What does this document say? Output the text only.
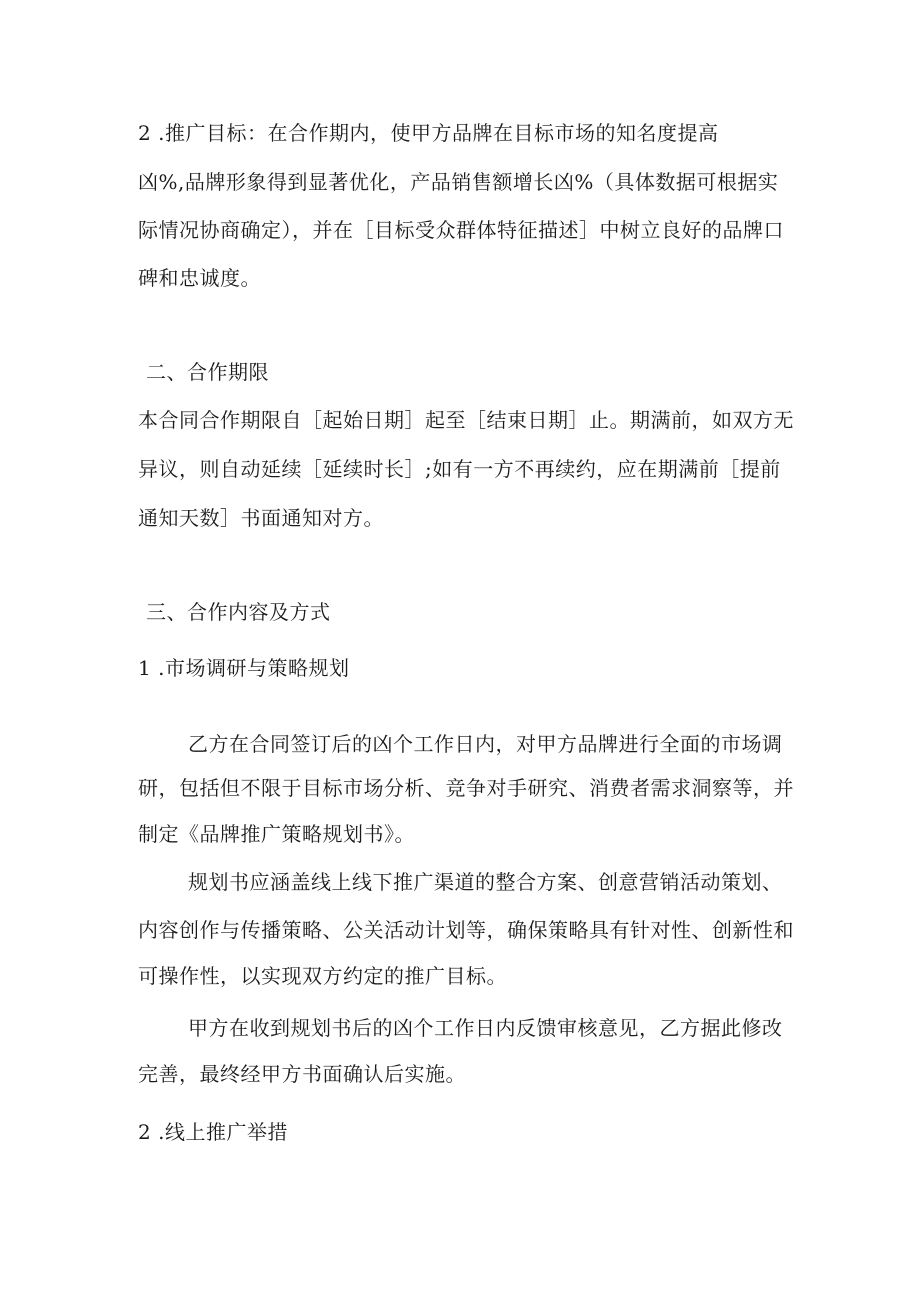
2 .推广目标：在合作期内，使甲方品牌在目标市场的知名度提高
凶%,品牌形象得到显著优化，产品销售额增长凶%（具体数据可根据实
际情况协商确定），并在［目标受众群体特征描述］中树立良好的品牌口
碑和忠诚度。
二、合作期限
本合同合作期限自［起始日期］起至［结束日期］止。期满前，如双方无
异议，则自动延续［延续时长］;如有一方不再续约，应在期满前［提前
通知天数］书面通知对方。
三、合作内容及方式
1 .市场调研与策略规划
乙方在合同签订后的凶个工作日内，对甲方品牌进行全面的市场调
研，包括但不限于目标市场分析、竞争对手研究、消费者需求洞察等，并
制定《品牌推广策略规划书》。
规划书应涵盖线上线下推广渠道的整合方案、创意营销活动策划、
内容创作与传播策略、公关活动计划等，确保策略具有针对性、创新性和
可操作性，以实现双方约定的推广目标。
甲方在收到规划书后的凶个工作日内反馈审核意见，乙方据此修改
完善，最终经甲方书面确认后实施。
2 .线上推广举措
